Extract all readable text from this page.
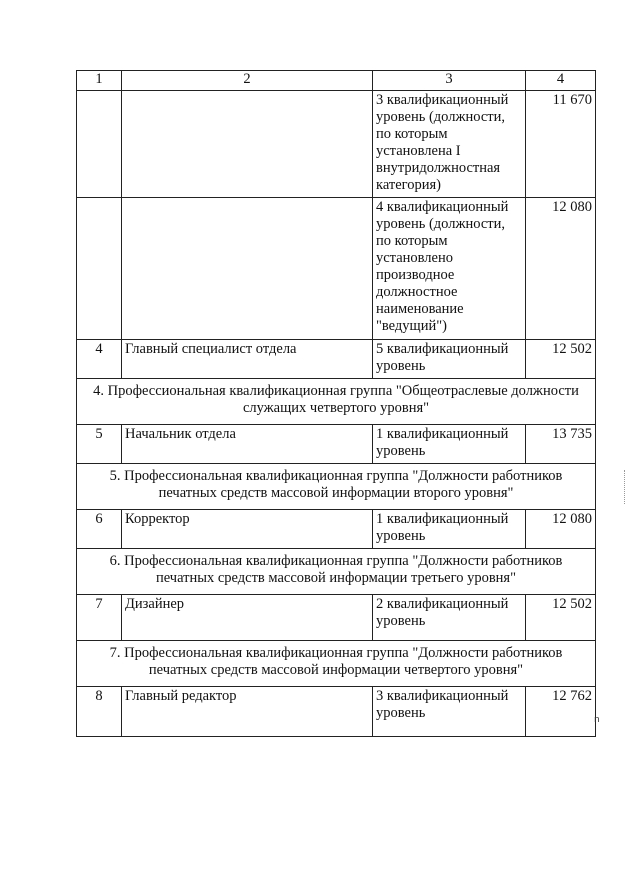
1	2	3	4
		3 квалификационный уровень (должности, по которым установлена I внутридолжностная категория)	11 670
		4 квалификационный уровень (должности, по которым установлено производное должностное наименование "ведущий")	12 080
4	Главный специалист отдела	5 квалификационный уровень	12 502
4. Профессиональная квалификационная группа "Общеотраслевые должности служащих четвертого уровня"			
5	Начальник отдела	1 квалификационный уровень	13 735
5. Профессиональная квалификационная группа "Должности работников печатных средств массовой информации второго уровня"			
6	Корректор	1 квалификационный уровень	12 080
6. Профессиональная квалификационная группа "Должности работников печатных средств массовой информации третьего уровня"			
7	Дизайнер	2 квалификационный уровень	12 502
7. Профессиональная квалификационная группа "Должности работников печатных средств массовой информации четвертого уровня"			
8	Главный редактор	3 квалификационный уровень	12 762
n
